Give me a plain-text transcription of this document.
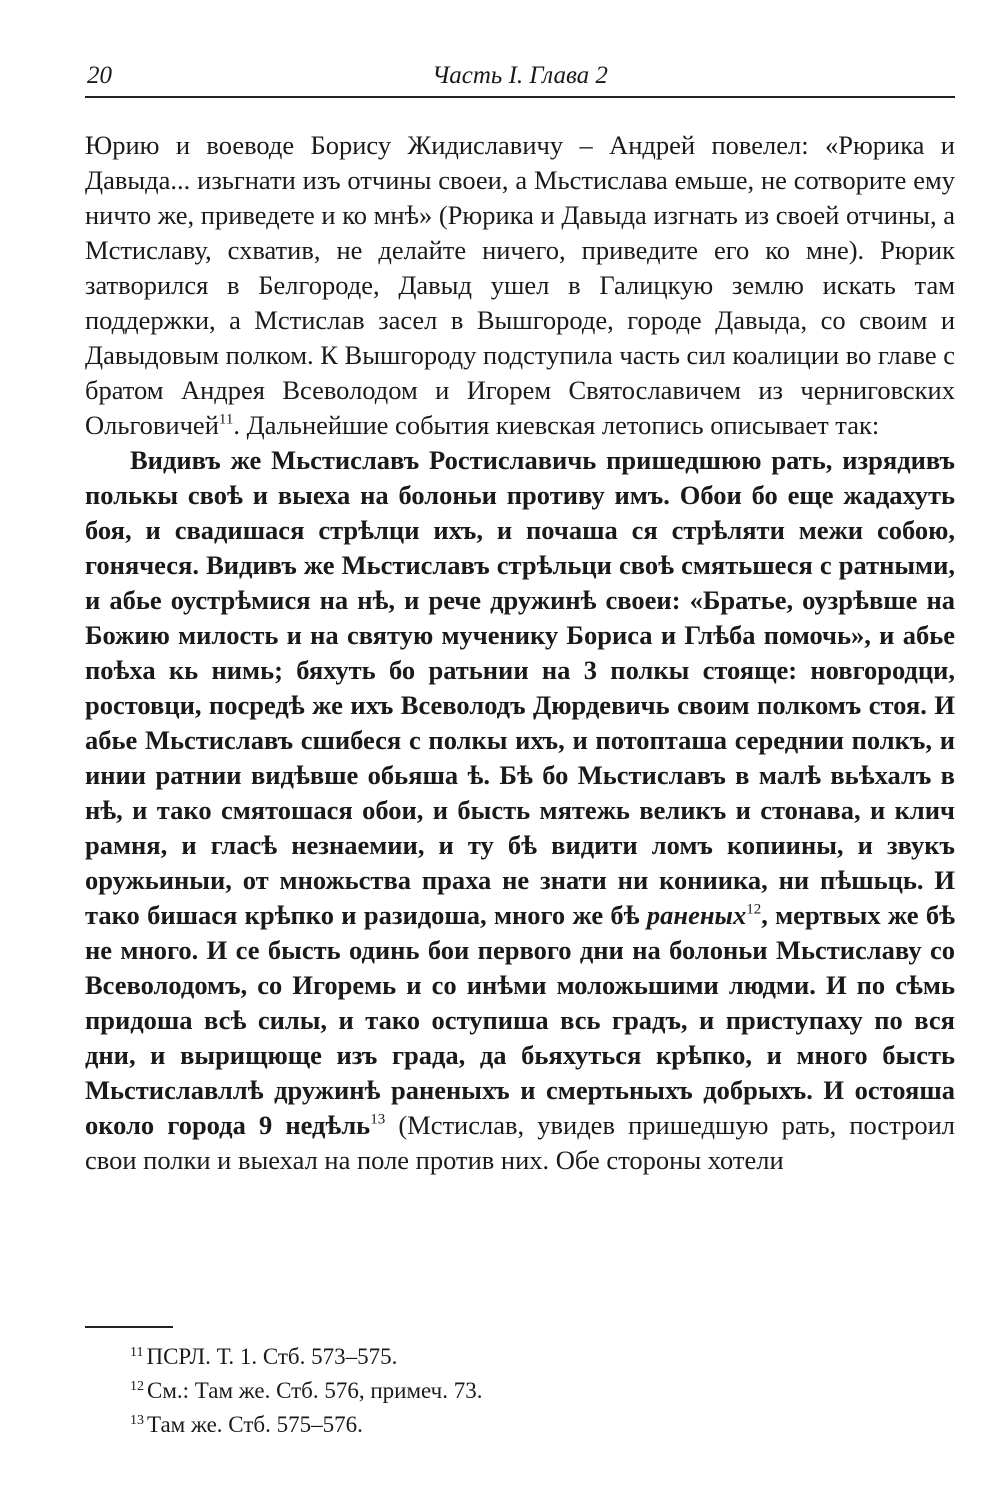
20	Часть I. Глава 2

Юрию и воеводе Борису Жидиславичу – Андрей повелел: «Рюрика и Давыда... изьгнати изъ отчины своеи, а Мьстислава емьше, не сотворите ему ничто же, приведете и ко мнѣ» (Рюрика и Давыда изгнать из своей отчины, а Мстиславу, схватив, не делайте ничего, приведите его ко мне). Рюрик затворился в Белгороде, Давыд ушел в Галицкую землю искать там поддержки, а Мстислав засел в Вышгороде, городе Давыда, со своим и Давыдовым полком. К Вышгороду подступила часть сил коалиции во главе с братом Андрея Всеволодом и Игорем Святославичем из черниговских Ольговичей$^{11}$. Дальнейшие события киевская летопись описывает так:

Видивъ же Мьстиславъ Ростиславичь пришедшюю рать, изрядивъ полькы своѣ и выеха на болоньи противу имъ. Обои бо еще жадахуть боя, и свадишася стрѣлци ихъ, и почаша ся стрѣляти межи собою, гонячеся. Видивъ же Мьстиславъ стрѣльци своѣ смятьшеся с ратными, и абье оустрѣмися на нѣ, и рече дружинѣ своеи: «Братье, оузрѣвше на Божию милость и на святую мученику Бориса и Глѣба помочь», и абье поѣха кь нимь; бяхуть бо ратьнии на 3 полкы стояще: новгородци, ростовци, посредѣ же ихъ Всеволодъ Дюрдевичь своим полкомъ стоя. И абье Мьстиславъ сшибеся с полкы ихъ, и потопташа середнии полкъ, и инии ратнии видѣвше обьяша ѣ. Бѣ бо Мьстиславъ в малѣ вьѣхалъ в нѣ, и тако смятошася обои, и бысть мятежь великъ и стонава, и клич рамня, и гласѣ незнаемии, и ту бѣ видити ломъ копиины, и звукъ оружьиныи, от множьства праха не знати ни кониика, ни пѣшьць. И тако бишася крѣпко и разидоша, много же бѣ раненых$^{12}$, мертвых же бѣ не много. И се бысть одинь бои первого дни на болоньи Мьстиславу со Всеволодомъ, со Игоремь и со инѣми моложьшими людми. И по сѣмь придоша всѣ силы, и тако оступиша всь градъ, и приступаху по вся дни, и вырищюще изъ града, да бьяхуться крѣпко, и много бысть Мьстиславллѣ дружинѣ раненыхъ и смертьныхъ добрыхъ. И остояша около города 9 недѣль$^{13}$ (Мстислав, увидев пришедшую рать, построил свои полки и выехал на поле против них. Обе стороны хотели

$^{11}$ ПСРЛ. Т. 1. Стб. 573–575.
$^{12}$ См.: Там же. Стб. 576, примеч. 73.
$^{13}$ Там же. Стб. 575–576.
